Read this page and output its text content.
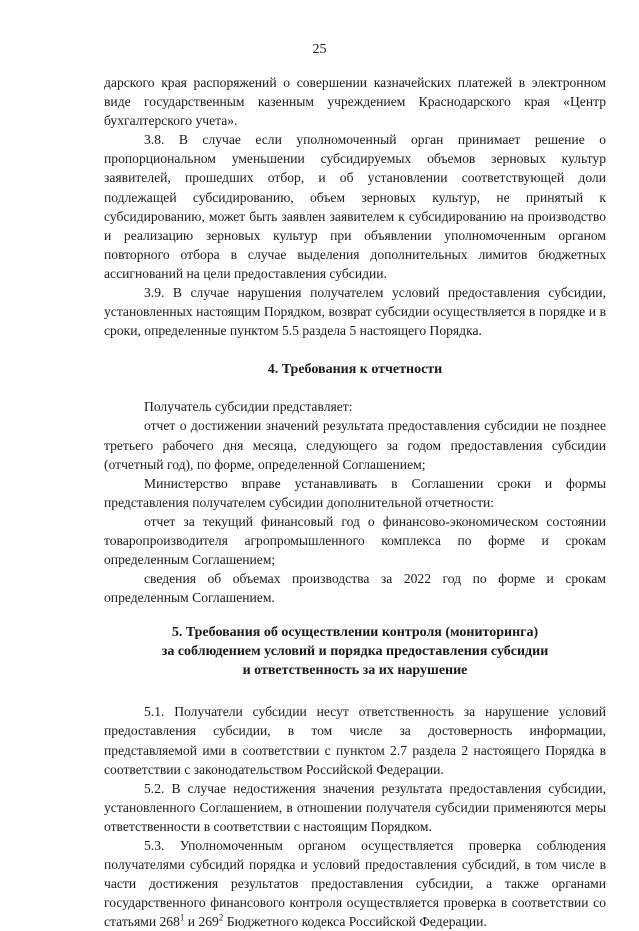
25

дарского края распоряжений о совершении казначейских платежей в электронном виде государственным казенным учреждением Краснодарского края «Центр бухгалтерского учета».

3.8. В случае если уполномоченный орган принимает решение о пропорциональном уменьшении субсидируемых объемов зерновых культур заявителей, прошедших отбор, и об установлении соответствующей доли подлежащей субсидированию, объем зерновых культур, не принятый к субсидированию, может быть заявлен заявителем к субсидированию на производство и реализацию зерновых культур при объявлении уполномоченным органом повторного отбора в случае выделения дополнительных лимитов бюджетных ассигнований на цели предоставления субсидии.

3.9. В случае нарушения получателем условий предоставления субсидии, установленных настоящим Порядком, возврат субсидии осуществляется в порядке и в сроки, определенные пунктом 5.5 раздела 5 настоящего Порядка.

4. Требования к отчетности

Получатель субсидии представляет:

отчет о достижении значений результата предоставления субсидии не позднее третьего рабочего дня месяца, следующего за годом предоставления субсидии (отчетный год), по форме, определенной Соглашением;

Министерство вправе устанавливать в Соглашении сроки и формы представления получателем субсидии дополнительной отчетности:

отчет за текущий финансовый год о финансово-экономическом состоянии товаропроизводителя агропромышленного комплекса по форме и срокам определенным Соглашением;

сведения об объемах производства за 2022 год по форме и срокам определенным Соглашением.

5. Требования об осуществлении контроля (мониторинга)
за соблюдением условий и порядка предоставления субсидии
и ответственность за их нарушение

5.1. Получатели субсидии несут ответственность за нарушение условий предоставления субсидии, в том числе за достоверность информации, представляемой ими в соответствии с пунктом 2.7 раздела 2 настоящего Порядка в соответствии с законодательством Российской Федерации.

5.2. В случае недостижения значения результата предоставления субсидии, установленного Соглашением, в отношении получателя субсидии применяются меры ответственности в соответствии с настоящим Порядком.

5.3. Уполномоченным органом осуществляется проверка соблюдения получателями субсидий порядка и условий предоставления субсидий, в том числе в части достижения результатов предоставления субсидии, а также органами государственного финансового контроля осуществляется проверка в соответствии со статьями $268^1$ и $269^2$ Бюджетного кодекса Российской Федерации.
